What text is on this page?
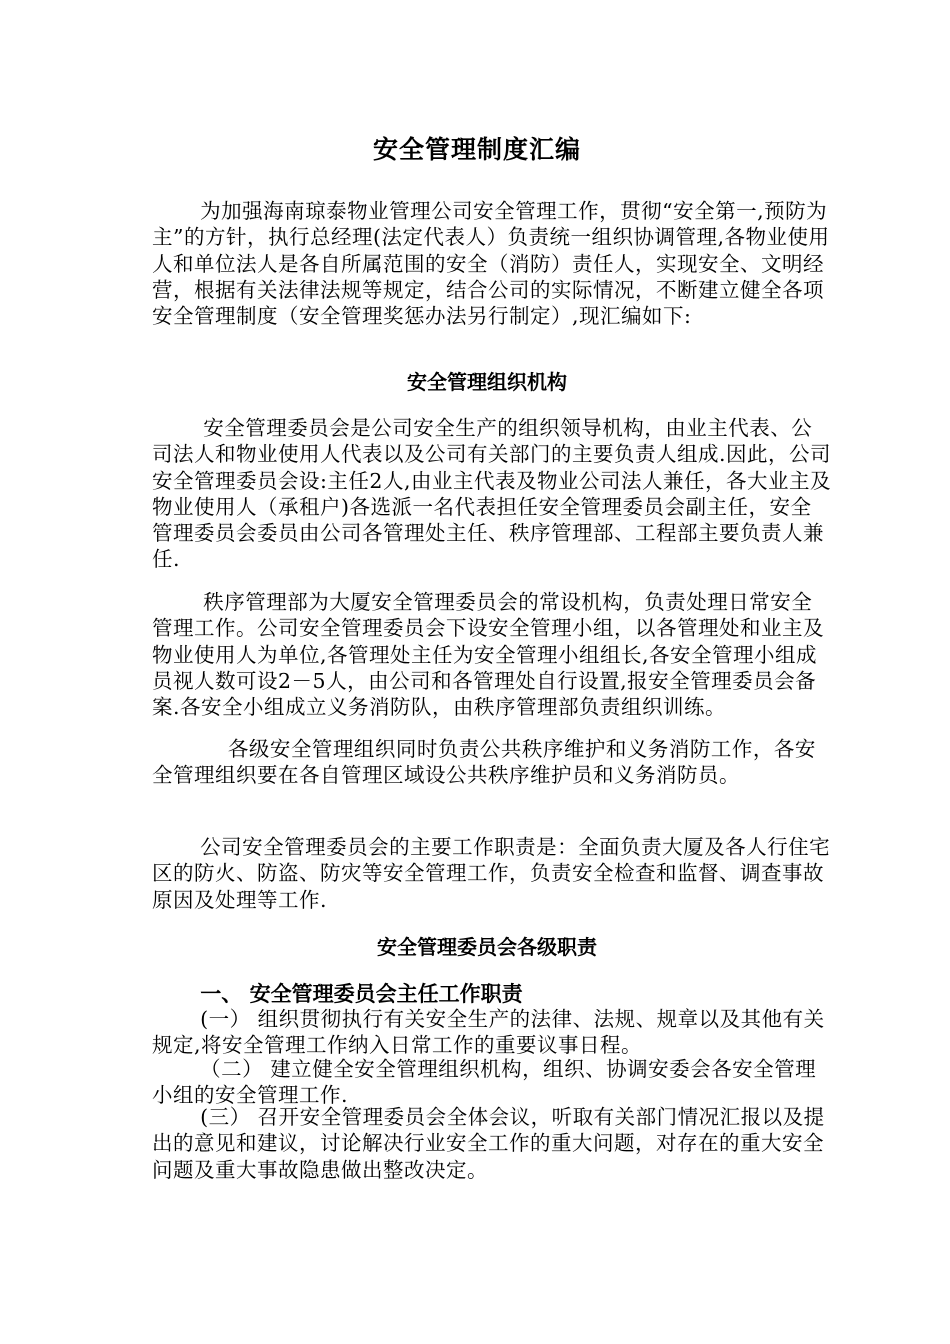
安全管理制度汇编
为加强海南琼泰物业管理公司安全管理工作，贯彻“安全第一,预防为主”的方针，执行总经理(法定代表人）负责统一组织协调管理,各物业使用人和单位法人是各自所属范围的安全（消防）责任人，实现安全、文明经营，根据有关法律法规等规定，结合公司的实际情况，不断建立健全各项安全管理制度（安全管理奖惩办法另行制定）,现汇编如下:
安全管理组织机构
安全管理委员会是公司安全生产的组织领导机构，由业主代表、公司法人和物业使用人代表以及公司有关部门的主要负责人组成.因此，公司安全管理委员会设:主任2人,由业主代表及物业公司法人兼任，各大业主及物业使用人（承租户)各选派一名代表担任安全管理委员会副主任，安全管理委员会委员由公司各管理处主任、秩序管理部、工程部主要负责人兼任.
秩序管理部为大厦安全管理委员会的常设机构，负责处理日常安全管理工作。公司安全管理委员会下设安全管理小组，以各管理处和业主及物业使用人为单位,各管理处主任为安全管理小组组长,各安全管理小组成员视人数可设2－5人，由公司和各管理处自行设置,报安全管理委员会备案.各安全小组成立义务消防队，由秩序管理部负责组织训练。
各级安全管理组织同时负责公共秩序维护和义务消防工作，各安全管理组织要在各自管理区域设公共秩序维护员和义务消防员。
公司安全管理委员会的主要工作职责是：全面负责大厦及各人行住宅区的防火、防盗、防灾等安全管理工作，负责安全检查和监督、调查事故原因及处理等工作.
安全管理委员会各级职责
一、 安全管理委员会主任工作职责
(一） 组织贯彻执行有关安全生产的法律、法规、规章以及其他有关规定,将安全管理工作纳入日常工作的重要议事日程。
（二） 建立健全安全管理组织机构，组织、协调安委会各安全管理小组的安全管理工作.
(三） 召开安全管理委员会全体会议，听取有关部门情况汇报以及提出的意见和建议，讨论解决行业安全工作的重大问题，对存在的重大安全问题及重大事故隐患做出整改决定。
